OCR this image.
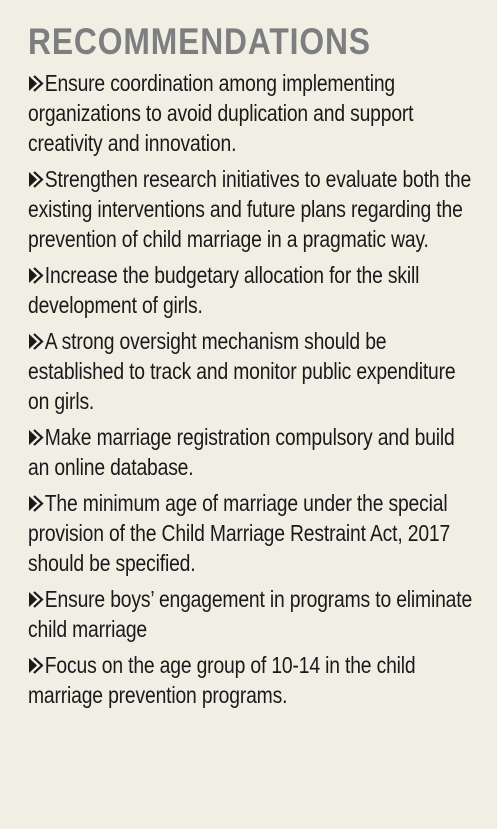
RECOMMENDATIONS
Ensure coordination among implementing organizations to avoid duplication and support creativity and innovation.
Strengthen research initiatives to evaluate both the existing interventions and future plans regarding the prevention of child marriage in a pragmatic way.
Increase the budgetary allocation for the skill development of girls.
A strong oversight mechanism should be established to track and monitor public expenditure on girls.
Make marriage registration compulsory and build an online database.
The minimum age of marriage under the special provision of the Child Marriage Restraint Act, 2017 should be specified.
Ensure boys’ engagement in programs to eliminate child marriage
Focus on the age group of 10-14 in the child marriage prevention programs.
